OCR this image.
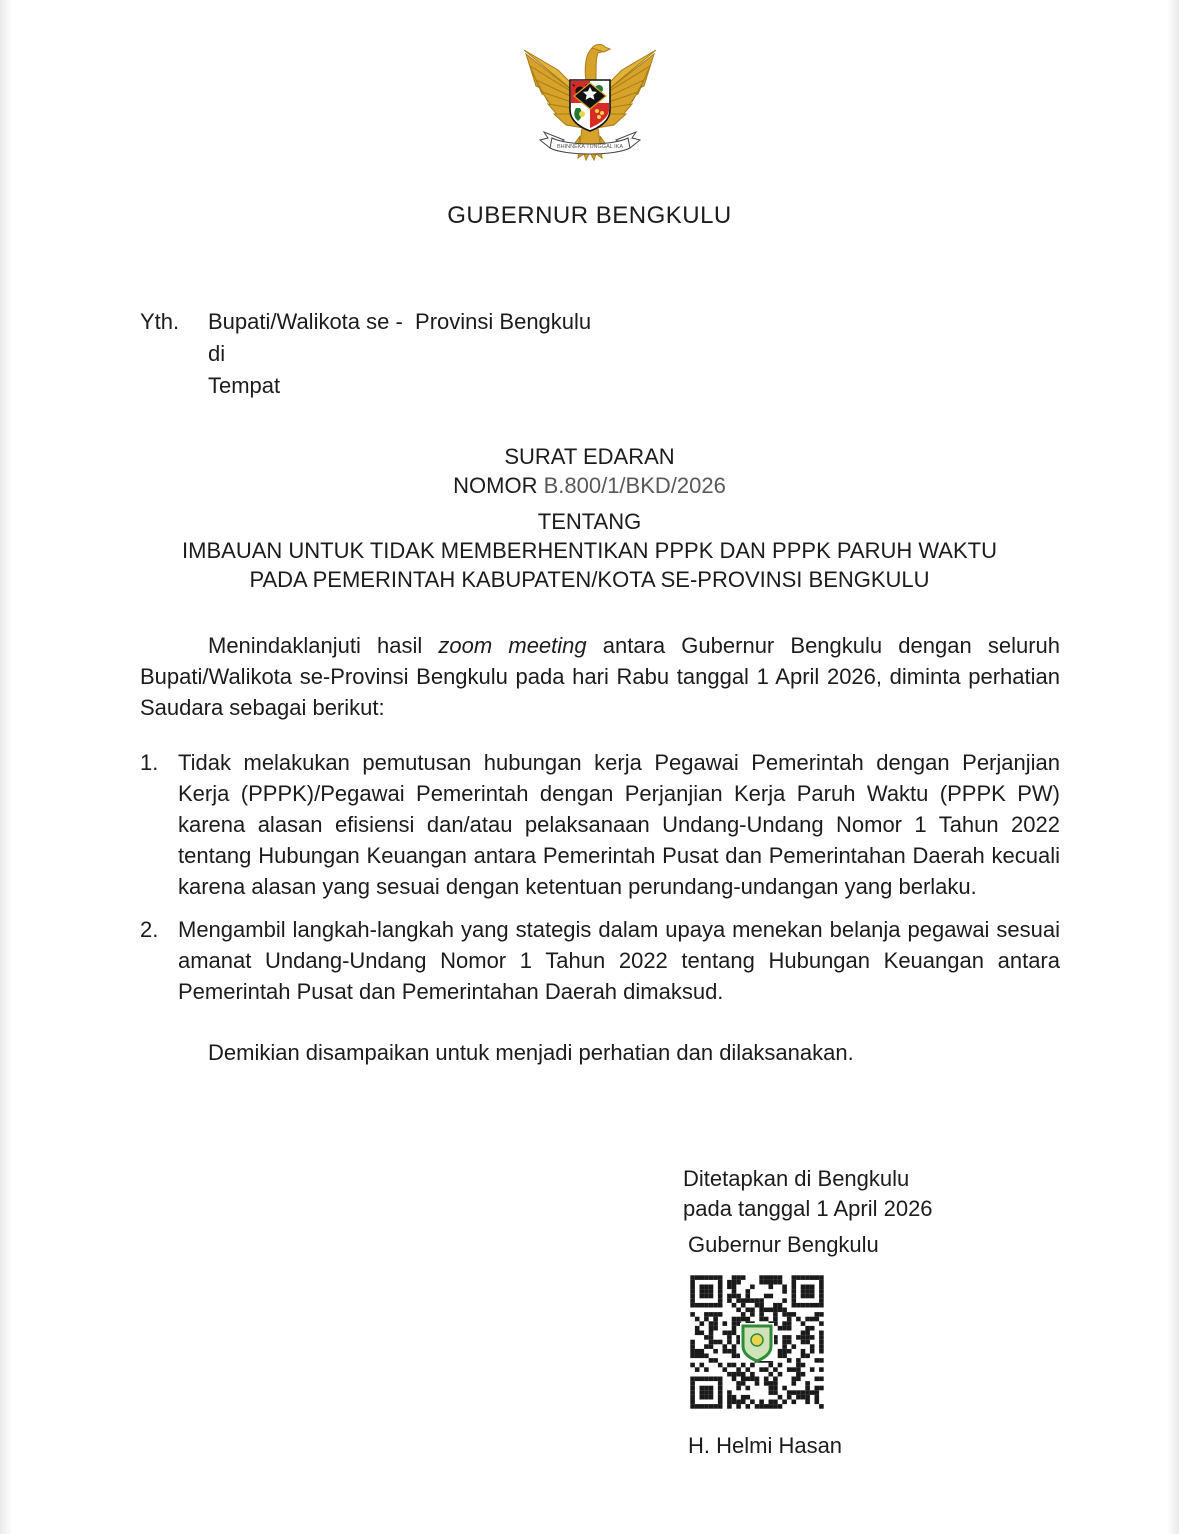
BHINNEKA TUNGGAL IKA
GUBERNUR BENGKULU
Yth.	Bupati/Walikota se -  Provinsi Bengkulu
di
Tempat
SURAT EDARAN
NOMOR B.800/1/BKD/2026
TENTANG
IMBAUAN UNTUK TIDAK MEMBERHENTIKAN PPPK DAN PPPK PARUH WAKTU
PADA PEMERINTAH KABUPATEN/KOTA SE-PROVINSI BENGKULU

Menindaklanjuti hasil zoom meeting antara Gubernur Bengkulu dengan seluruh Bupati/Walikota se-Provinsi Bengkulu pada hari Rabu tanggal 1 April 2026, diminta perhatian Saudara sebagai berikut:

1. Tidak melakukan pemutusan hubungan kerja Pegawai Pemerintah dengan Perjanjian Kerja (PPPK)/Pegawai Pemerintah dengan Perjanjian Kerja Paruh Waktu (PPPK PW) karena alasan efisiensi dan/atau pelaksanaan Undang-Undang Nomor 1 Tahun 2022 tentang Hubungan Keuangan antara Pemerintah Pusat dan Pemerintahan Daerah kecuali karena alasan yang sesuai dengan ketentuan perundang-undangan yang berlaku.
2. Mengambil langkah-langkah yang stategis dalam upaya menekan belanja pegawai sesuai amanat Undang-Undang Nomor 1 Tahun 2022 tentang Hubungan Keuangan antara Pemerintah Pusat dan Pemerintahan Daerah dimaksud.

Demikian disampaikan untuk menjadi perhatian dan dilaksanakan.

Ditetapkan di Bengkulu
pada tanggal 1 April 2026
Gubernur Bengkulu
H. Helmi Hasan
